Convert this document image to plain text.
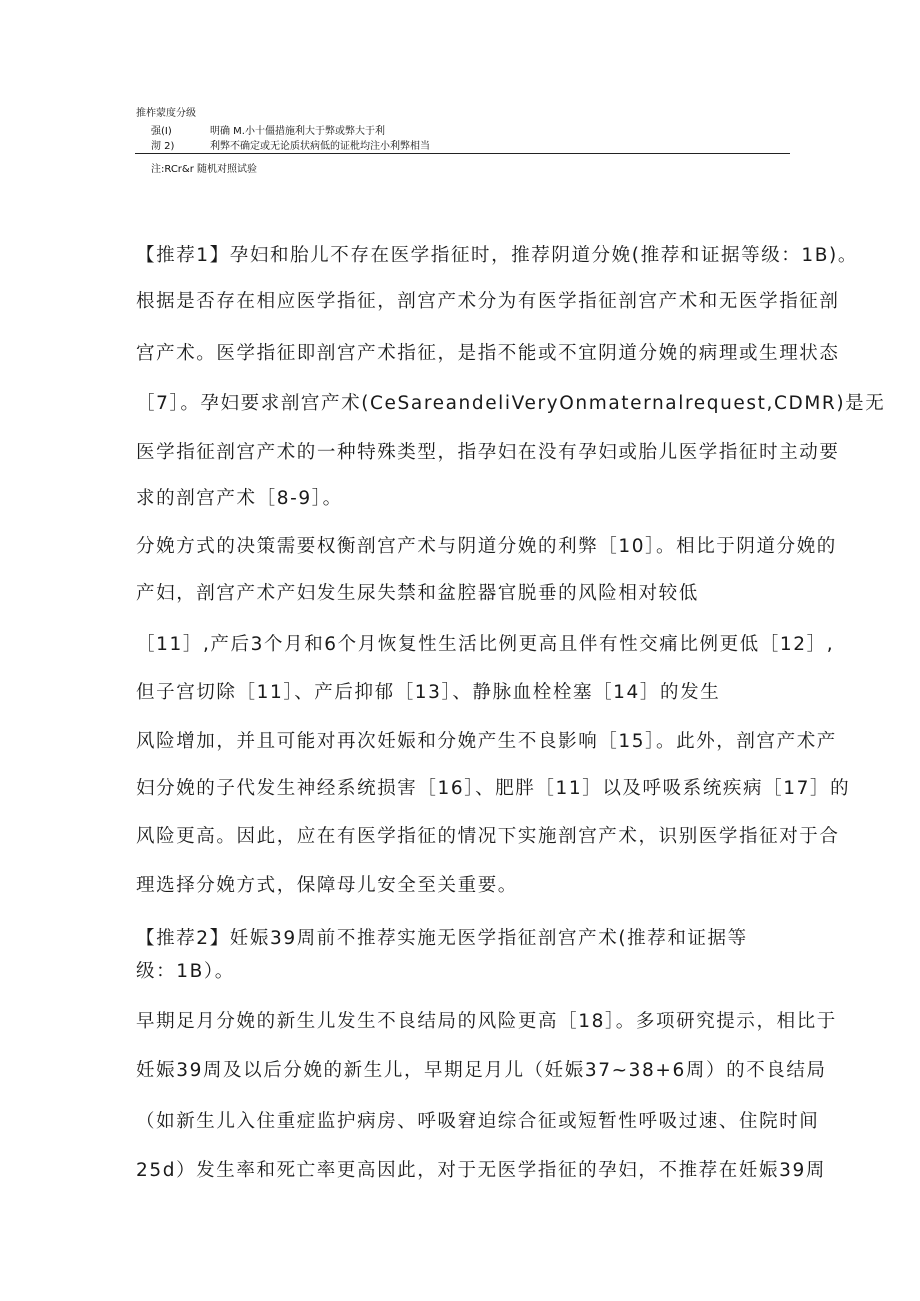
推柞蒙度分级
强(I)	明确 M.小十僵措施利大于弊或弊大于利
沏 2)	利弊不确定或无论质状病低的证枇均注小利弊相当
注:RCr&r 随机对照试验
【推荐1】孕妇和胎儿不存在医学指征时，推荐阴道分娩(推荐和证据等级：1B)。
根据是否存在相应医学指征，剖宫产术分为有医学指征剖宫产术和无医学指征剖
宫产术。医学指征即剖宫产术指征，是指不能或不宜阴道分娩的病理或生理状态
［7］。孕妇要求剖宫产术(CeSareandeliVeryOnmaternalrequest,CDMR)是无
医学指征剖宫产术的一种特殊类型，指孕妇在没有孕妇或胎儿医学指征时主动要
求的剖宫产术［8-9］。
分娩方式的决策需要权衡剖宫产术与阴道分娩的利弊［10］。相比于阴道分娩的
产妇，剖宫产术产妇发生尿失禁和盆腔器官脱垂的风险相对较低
［11］,产后3个月和6个月恢复性生活比例更高且伴有性交痛比例更低［12］,
但子宫切除［11］、产后抑郁［13］、静脉血栓栓塞［14］的发生
风险增加，并且可能对再次妊娠和分娩产生不良影响［15］。此外，剖宫产术产
妇分娩的子代发生神经系统损害［16］、肥胖［11］以及呼吸系统疾病［17］的
风险更高。因此，应在有医学指征的情况下实施剖宫产术，识别医学指征对于合
理选择分娩方式，保障母儿安全至关重要。
【推荐2】妊娠39周前不推荐实施无医学指征剖宫产术(推荐和证据等
级：1B）。
早期足月分娩的新生儿发生不良结局的风险更高［18］。多项研究提示，相比于
妊娠39周及以后分娩的新生儿，早期足月儿（妊娠37~38+6周）的不良结局
（如新生儿入住重症监护病房、呼吸窘迫综合征或短暂性呼吸过速、住院时间
25d）发生率和死亡率更高因此，对于无医学指征的孕妇，不推荐在妊娠39周
